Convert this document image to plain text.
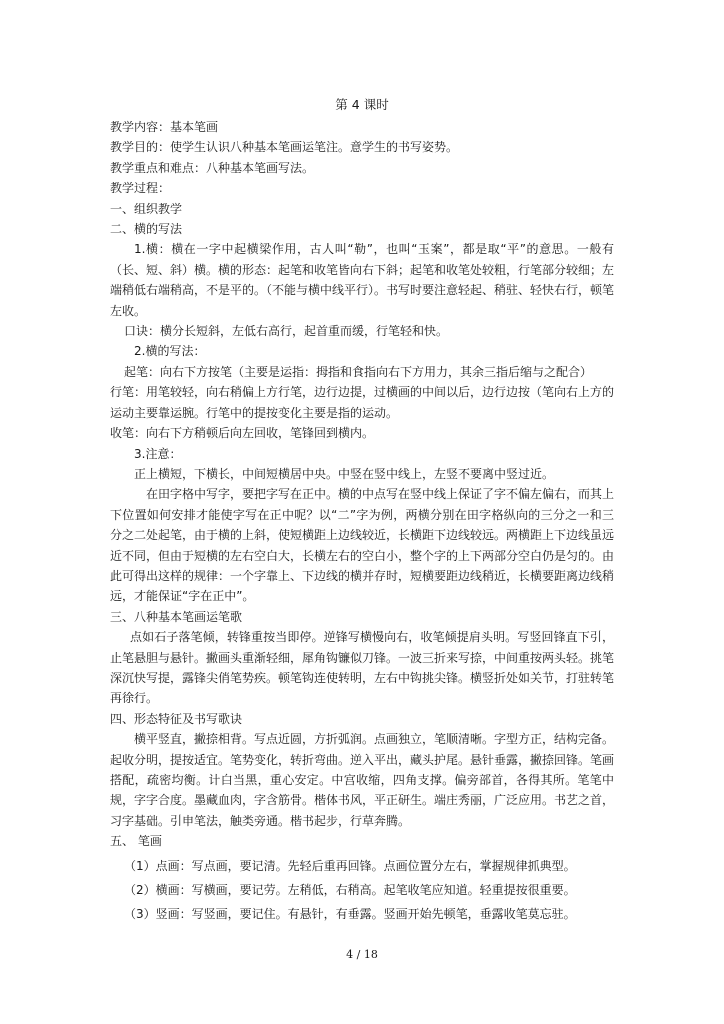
第 4 课时

教学内容：基本笔画

教学目的：使学生认识八种基本笔画运笔注。意学生的书写姿势。

教学重点和难点：八种基本笔画写法。

教学过程：

一、组织教学

二、横的写法

1.横：横在一字中起横梁作用，古人叫“勒”，也叫“玉案”，都是取“平”的意思。一般有（长、短、斜）横。横的形态：起笔和收笔皆向右下斜；起笔和收笔处较粗，行笔部分较细；左端稍低右端稍高，不是平的。（不能与横中线平行）。书写时要注意轻起、稍驻、轻快右行，顿笔左收。

口诀：横分长短斜，左低右高行，起首重而缓，行笔轻和快。

2.横的写法：

起笔：向右下方按笔（主要是运指：拇指和食指向右下方用力，其余三指后缩与之配合）

行笔：用笔较轻，向右稍偏上方行笔，边行边提，过横画的中间以后，边行边按（笔向右上方的运动主要靠运腕。行笔中的提按变化主要是指的运动。

收笔：向右下方稍顿后向左回收，笔锋回到横内。

3.注意：

正上横短，下横长，中间短横居中央。中竖在竖中线上，左竖不要离中竖过近。

在田字格中写字，要把字写在正中。横的中点写在竖中线上保证了字不偏左偏右，而其上下位置如何安排才能使字写在正中呢？以“二”字为例，两横分别在田字格纵向的三分之一和三分之二处起笔，由于横的上斜，使短横距上边线较近，长横距下边线较远。两横距上下边线虽远近不同，但由于短横的左右空白大，长横左右的空白小，整个字的上下两部分空白仍是匀的。由此可得出这样的规律：一个字靠上、下边线的横并存时，短横要距边线稍近，长横要距离边线稍远，才能保证“字在正中”。

三、八种基本笔画运笔歌

点如石子落笔倾，转锋重按当即停。逆锋写横慢向右，收笔倾提肩头明。写竖回锋直下引，止笔悬胆与悬针。撇画头重渐轻细，犀角钩镰似刀锋。一波三折来写捺，中间重按两头轻。挑笔深沉快写提，露锋尖俏笔势疾。顿笔钩连使转明，左右中钩挑尖锋。横竖折处如关节，打驻转笔再徐行。

四、形态特征及书写歌诀

横平竖直，撇捺相背。写点近圆，方折弧润。点画独立，笔顺清晰。字型方正，结构完备。起收分明，提按适宜。笔势变化，转折弯曲。逆入平出，藏头护尾。悬针垂露，撇捺回锋。笔画搭配，疏密均衡。计白当黑，重心安定。中宫收缩，四角支撑。偏旁部首，各得其所。笔笔中规，字字合度。墨藏血肉，字含筋骨。楷体书风，平正研生。端庄秀丽，广泛应用。书艺之首，习字基础。引申笔法，触类旁通。楷书起步，行草奔腾。

五、 笔画

（1）点画：写点画，要记清。先轻后重再回锋。点画位置分左右，掌握规律抓典型。

（2）横画：写横画，要记劳。左稍低，右稍高。起笔收笔应知道。轻重提按很重要。

（3）竖画：写竖画，要记住。有悬针，有垂露。竖画开始先顿笔，垂露收笔莫忘驻。

4 / 18
